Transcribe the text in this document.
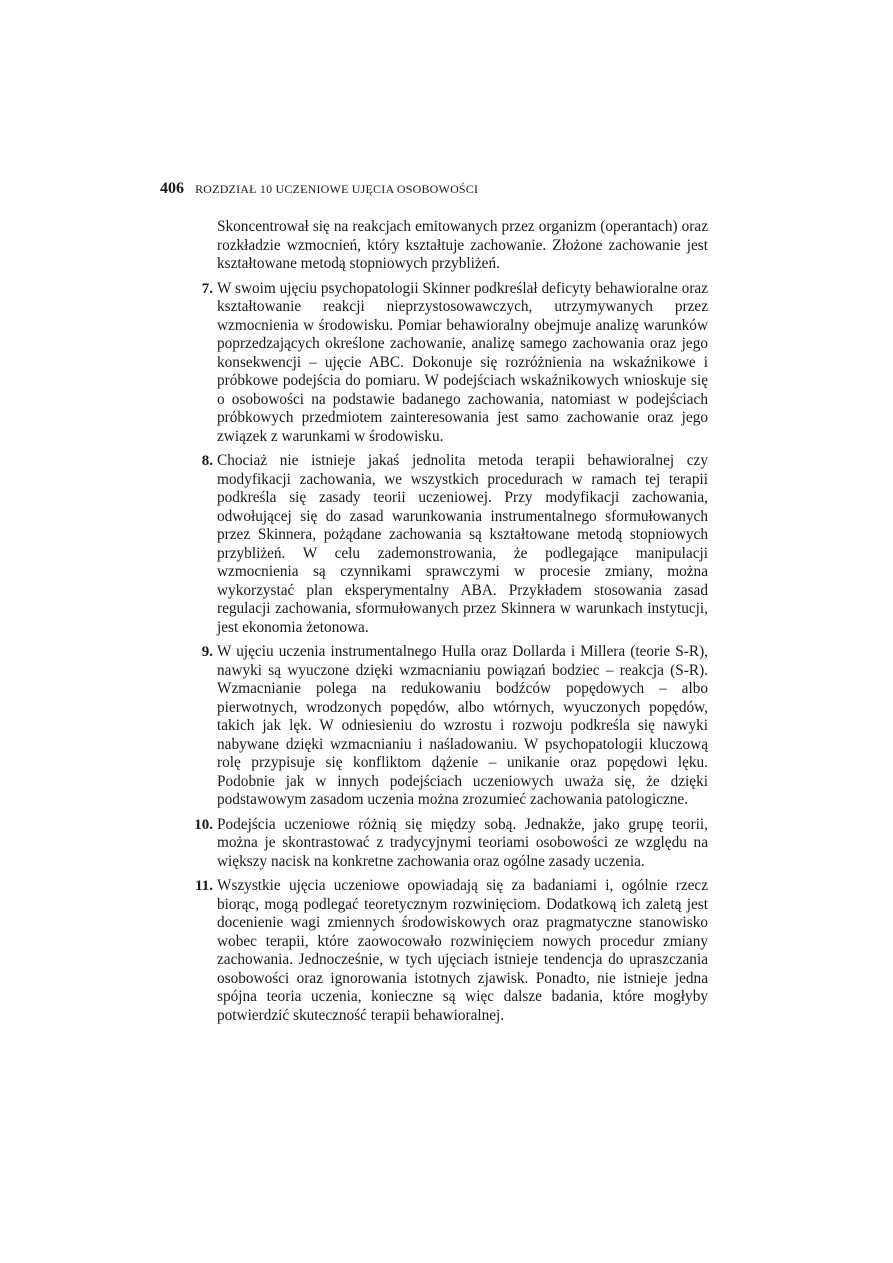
406 ROZDZIAŁ 10 UCZENIOWE UJĘCIA OSOBOWOŚCI

Skoncentrował się na reakcjach emitowanych przez organizm (operantach) oraz rozkładzie wzmocnień, który kształtuje zachowanie. Złożone zachowanie jest kształtowane metodą stopniowych przybliżeń.

7. W swoim ujęciu psychopatologii Skinner podkreślał deficyty behawioralne oraz kształtowanie reakcji nieprzystosowawczych, utrzymywanych przez wzmocnienia w środowisku. Pomiar behawioralny obejmuje analizę warunków poprzedzających określone zachowanie, analizę samego zachowania oraz jego konsekwencji – ujęcie ABC. Dokonuje się rozróżnienia na wskaźnikowe i próbkowe podejścia do pomiaru. W podejściach wskaźnikowych wnioskuje się o osobowości na podstawie badanego zachowania, natomiast w podejściach próbkowych przedmiotem zainteresowania jest samo zachowanie oraz jego związek z warunkami w środowisku.
8. Chociaż nie istnieje jakaś jednolita metoda terapii behawioralnej czy modyfikacji zachowania, we wszystkich procedurach w ramach tej terapii podkreśla się zasady teorii uczeniowej. Przy modyfikacji zachowania, odwołującej się do zasad warunkowania instrumentalnego sformułowanych przez Skinnera, pożądane zachowania są kształtowane metodą stopniowych przybliżeń. W celu zademonstrowania, że podlegające manipulacji wzmocnienia są czynnikami sprawczymi w procesie zmiany, można wykorzystać plan eksperymentalny ABA. Przykładem stosowania zasad regulacji zachowania, sformułowanych przez Skinnera w warunkach instytucji, jest ekonomia żetonowa.
9. W ujęciu uczenia instrumentalnego Hulla oraz Dollarda i Millera (teorie S-R), nawyki są wyuczone dzięki wzmacnianiu powiązań bodziec – reakcja (S-R). Wzmacnianie polega na redukowaniu bodźców popędowych – albo pierwotnych, wrodzonych popędów, albo wtórnych, wyuczonych popędów, takich jak lęk. W odniesieniu do wzrostu i rozwoju podkreśla się nawyki nabywane dzięki wzmacnianiu i naśladowaniu. W psychopatologii kluczową rolę przypisuje się konfliktom dążenie – unikanie oraz popędowi lęku. Podobnie jak w innych podejściach uczeniowych uważa się, że dzięki podstawowym zasadom uczenia można zrozumieć zachowania patologiczne.
10. Podejścia uczeniowe różnią się między sobą. Jednakże, jako grupę teorii, można je skontrastować z tradycyjnymi teoriami osobowości ze względu na większy nacisk na konkretne zachowania oraz ogólne zasady uczenia.
11. Wszystkie ujęcia uczeniowe opowiadają się za badaniami i, ogólnie rzecz biorąc, mogą podlegać teoretycznym rozwinięciom. Dodatkową ich zaletą jest docenienie wagi zmiennych środowiskowych oraz pragmatyczne stanowisko wobec terapii, które zaowocowało rozwinięciem nowych procedur zmiany zachowania. Jednocześnie, w tych ujęciach istnieje tendencja do upraszczania osobowości oraz ignorowania istotnych zjawisk. Ponadto, nie istnieje jedna spójna teoria uczenia, konieczne są więc dalsze badania, które mogłyby potwierdzić skuteczność terapii behawioralnej.
